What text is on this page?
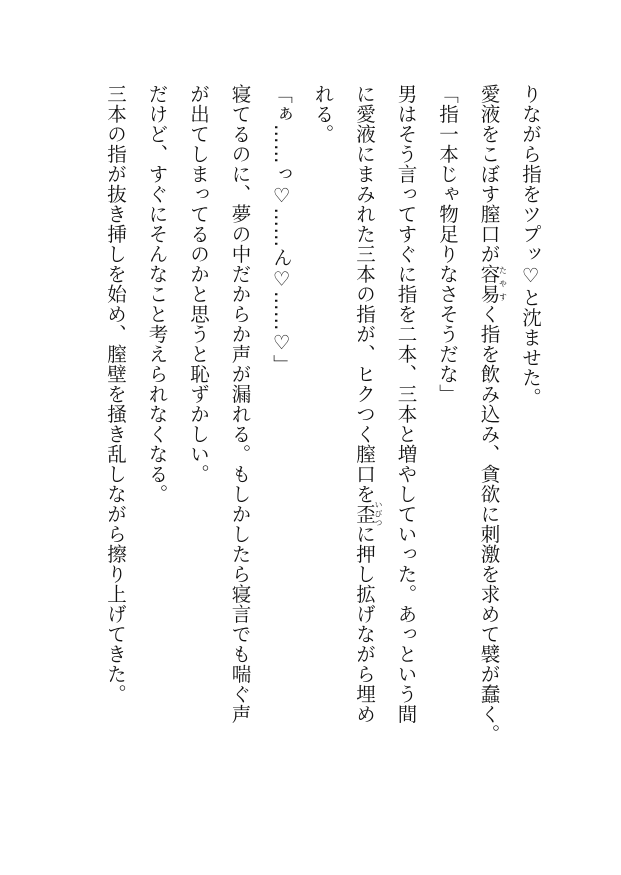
りながら指をツプッ♡と沈ませた。

愛液をこぼす膣口が容易たやすく指を飲み込み、貪欲に刺激を求めて襞が蠢く。

「指一本じゃ物足りなさそうだな」

男はそう言ってすぐに指を二本、三本と増やしていった。あっという間

に愛液にまみれた三本の指が、ヒクつく膣口を歪いびつに押し拡げながら埋め

れる。

「ぁ……っ♡……ん♡……♡」

寝てるのに、夢の中だからか声が漏れる。もしかしたら寝言でも喘ぐ声

が出てしまってるのかと思うと恥ずかしい。

だけど、すぐにそんなこと考えられなくなる。

三本の指が抜き挿しを始め、膣壁を掻き乱しながら擦り上げてきた。
